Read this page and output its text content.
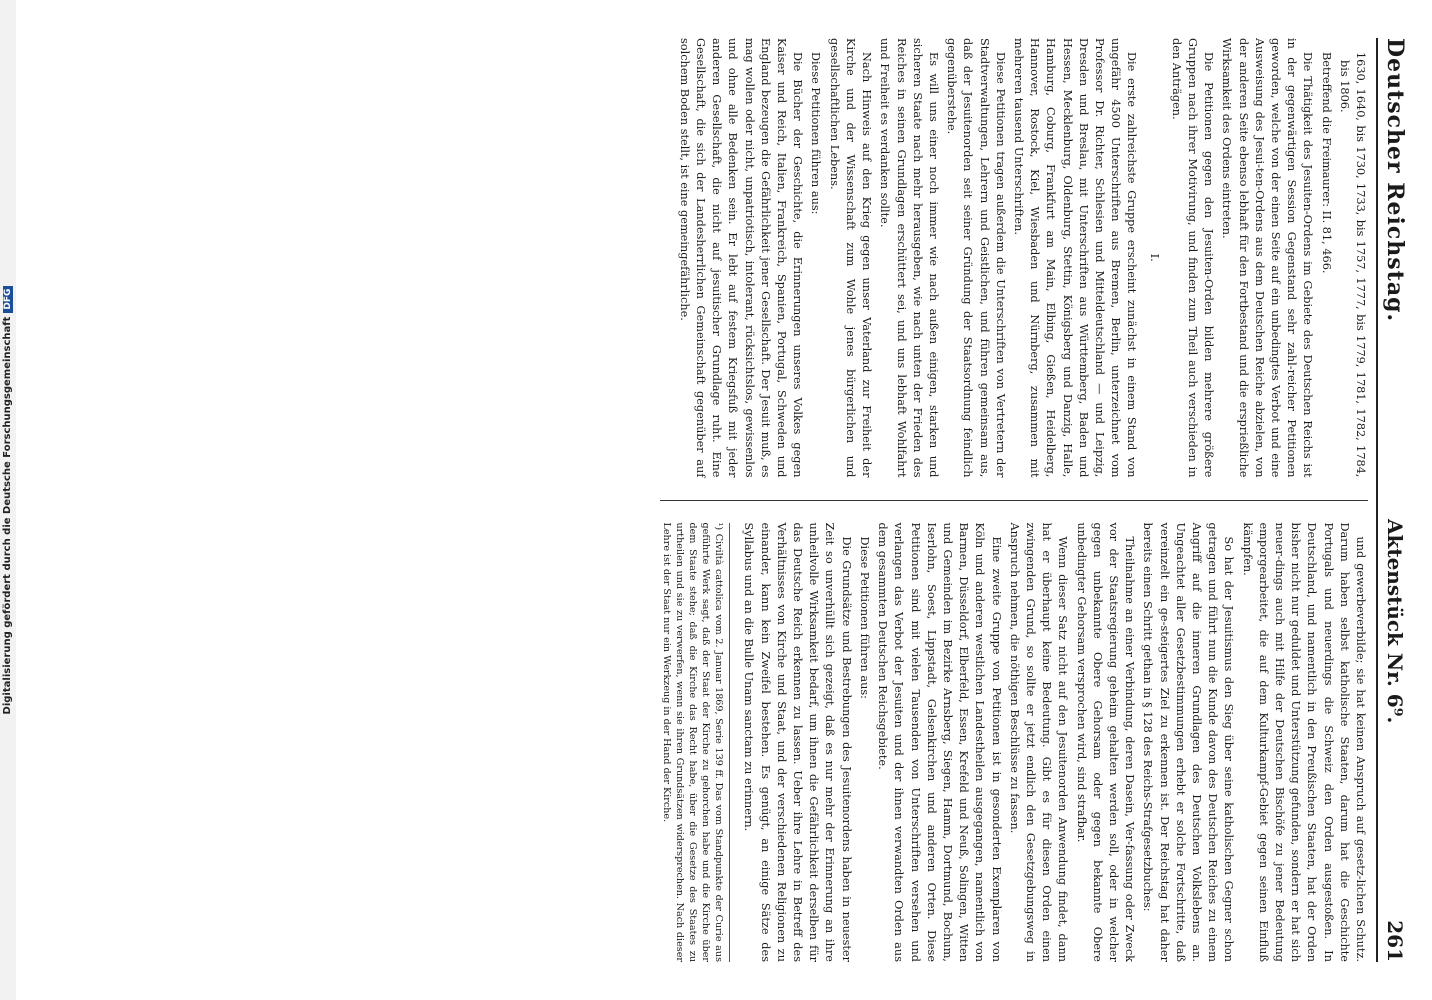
Digitalisierung gefördert durch die Deutsche ForschungsgemeinschaftDFG	Deutscher Reichstag.
Aktenstück Nr. 6⁹.
261

1630, 1640, bis 1730, 1733, bis 1757, 1777, bis 1779, 1781, 1782, 1784, bis 1806.

Betreffend die Freimaurer: II. 81, 466.

Die Thätigkeit des Jesuiten-Ordens im Gebiete des Deutschen Reichs ist in der gegenwärtigen Session Gegenstand sehr zahl-reicher Petitionen geworden, welche von der einen Seite auf ein unbedingtes Verbot und eine Ausweisung des Jesui-ten-Ordens aus dem Deutschen Reiche abzielen, von der anderen Seite ebenso lebhaft für den Fortbestand und die ersprießliche Wirksamkeit des Ordens eintreten.

Die Petitionen gegen den Jesuiten-Orden bilden mehrere größere Gruppen nach ihrer Motivirung, und finden zum Theil auch verschieden in den Anträgen.

I.

Die erste zahlreichste Gruppe erscheint zunächst in einem Stand von ungefähr 4500 Unterschriften aus Bremen, Berlin, unterzeichnet vom Professor Dr. Richter, Schlesien und Mitteldeutschland — und Leipzig, Dresden und Breslau, mit Unterschriften aus Württemberg, Baden und Hessen, Mecklenburg, Oldenburg, Stettin, Königsberg und Danzig, Halle, Hamburg, Coburg, Frankfurt am Main, Elbing, Gießen, Heidelberg, Hannover, Rostock, Kiel, Wiesbaden und Nürnberg, zusammen mit mehreren tausend Unterschriften.

Diese Petitionen tragen außerdem die Unterschriften von Vertretern der Stadtverwaltungen, Lehrern und Geistlichen, und führen gemeinsam aus, daß der Jesuitenorden seit seiner Gründung der Staatsordnung feindlich gegenüberstehe.

Es will uns einer noch immer wie nach außen einigen, starken und sicheren Staate nach mehr herausgeben, wie nach unten der Frieden des Reiches in seinen Grundlagen erschüttert sei, und uns lebhaft Wohlfahrt und Freiheit es verdanken sollte.

Nach Hinweis auf den Krieg gegen unser Vaterland zur Freiheit der Kirche und der Wissenschaft zum Wohle jenes bürgerlichen und gesellschaftlichen Lebens.

Diese Petitionen führen aus:

Die Bücher der Geschichte, die Erinnerungen unseres Volkes gegen Kaiser und Reich, Italien, Frankreich, Spanien, Portugal, Schweden und England bezeugen die Gefährlichkeit jener Gesellschaft. Der Jesuit muß, es mag wollen oder nicht, unpatriotisch, intolerant, rücksichtslos, gewissenlos und ohne alle Bedenken sein. Er lebt auf festem Kriegsfuß mit jeder anderen Gesellschaft, die nicht auf jesuitischer Grundlage ruht. Eine Gesellschaft, die sich der Landesherrlichen Gemeinschaft gegenüber auf solchem Boden stellt, ist eine gemeingefährliche.

und gewerbeverbilde; sie hat keinen Anspruch auf gesetz-lichen Schutz. Darum haben selbst katholische Staaten, darum hat die Geschichte Portugals und neuerdings die Schweiz den Orden ausgestoßen. In Deutschland, und namentlich in den Preußischen Staaten, hat der Orden bisher nicht nur geduldet und Unterstützung gefunden, sondern er hat sich neuer-dings auch mit Hilfe der Deutschen Bischöfe zu jener Bedeutung emporgearbeitet, die auf dem Kulturkampf-Gebiet gegen seinen Einfluß kämpfen.

So hat der Jesuitismus den Sieg über seine katholischen Gegner schon getragen und führt nun die Kunde davon des Deutschen Reiches zu einem Angriff auf die inneren Grundlagen des Deutschen Volkslebens an. Ungeachtet aller Gesetzbestimmungen erhebt er solche Fortschritte, daß vereinzelt ein ge-steigertes Ziel zu erkennen ist. Der Reichstag hat daher bereits einen Schritt gethan in § 128 des Reichs-Strafgesetzbuches:

Theilnahme an einer Verbindung, deren Dasein, Ver-fassung oder Zweck vor der Staatsregierung geheim gehalten werden soll, oder in welcher gegen unbekannte Obere Gehorsam oder gegen bekannte Obere unbedingter Gehorsam versprochen wird, sind strafbar.

Wenn dieser Satz nicht auf den Jesuitenorden Anwendung findet, dann hat er überhaupt keine Bedeutung. Gibt es für diesen Orden einen zwingenden Grund, so sollte er jetzt endlich den Gesetzgebungsweg in Anspruch nehmen, die nöthigen Beschlüsse zu fassen.

Eine zweite Gruppe von Petitionen ist in gesonderten Exemplaren von Köln und anderen westlichen Landestheilen ausgegangen, namentlich von Barmen, Düsseldorf, Elberfeld, Essen, Krefeld und Neuß, Solingen, Witten und Gemeinden im Bezirke Arnsberg, Siegen, Hamm, Dortmund, Bochum, Iserlohn, Soest, Lippstadt, Gelsenkirchen und anderen Orten. Diese Petitionen sind mit vielen Tausenden von Unterschriften versehen und verlangen das Verbot der Jesuiten und der ihnen verwandten Orden aus dem gesammten Deutschen Reichsgebiete.

Diese Petitionen führen aus:

Die Grundsätze und Bestrebungen des Jesuitenordens haben in neuester Zeit so unverhüllt sich gezeigt, daß es nur mehr der Erinnerung an ihre unheilvolle Wirksamkeit bedarf, um ihnen die Gefährlichkeit derselben für das Deutsche Reich erkennen zu lassen. Ueber ihre Lehre in Betreff des Verhältnisses von Kirche und Staat, und der verschiedenen Religionen zu einander, kann kein Zweifel bestehen. Es genügt, an einige Sätze des Syllabus und an die Bulle Unam sanctam zu erinnern.

¹) Civiltà cattolica vom 2. Januar 1869, Serie 139 ff. Das vom Standpunkte der Curie aus geführte Werk sagt, daß der Staat der Kirche zu gehorchen habe und die Kirche über dem Staate stehe; daß die Kirche das Recht habe, über die Gesetze des Staates zu urtheilen und sie zu verwerfen, wenn sie ihren Grundsätzen widersprechen. Nach dieser Lehre ist der Staat nur ein Werkzeug in der Hand der Kirche.
